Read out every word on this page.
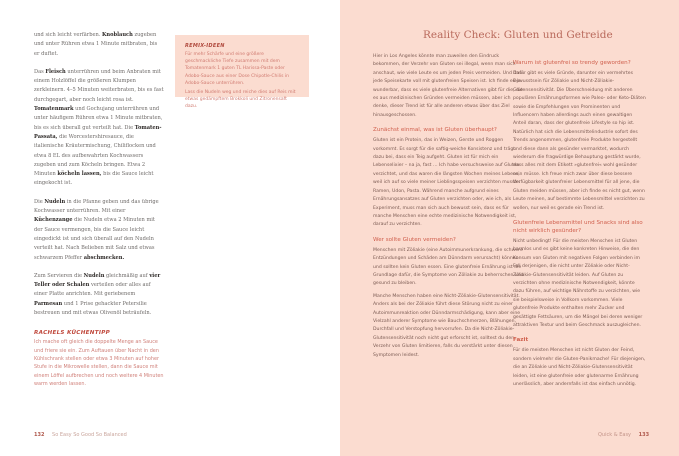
und sich leicht verfärben. Knoblauch zugeben und unter Rühren etwa 1 Minute mitbraten, bis er duftet.

Das Fleisch unterrühren und beim Anbraten mit einem Holzlöffel die größeren Klumpen zerkleinern. 4–5 Minuten weiterbraten, bis es fast durchgegart, aber noch leicht rosa ist. Tomatenmark und Gochujang unterrühren und unter häufigem Rühren etwa 1 Minute mitbraten, bis es sich überall gut verteilt hat. Die Tomaten-Passata, die Worcestershiresauce, die italienische Kräutermischung, Chiliflocken und etwa 8 EL des aufbewahrten Kochwassers zugeben und zum Köcheln bringen. Etwa 2 Minuten köcheln lassen, bis die Sauce leicht eingekocht ist.

Die Nudeln in die Pfanne geben und das übrige Kochwasser unterrühren. Mit einer Küchenzange die Nudeln etwa 2 Minuten mit der Sauce vermengen, bis die Sauce leicht eingedickt ist und sich überall auf den Nudeln verteilt hat. Nach Belieben mit Salz und etwas schwarzem Pfeffer abschmecken.

Zum Servieren die Nudeln gleichmäßig auf vier Teller oder Schalen verteilen oder alles auf einer Platte anrichten. Mit geriebenem Parmesan und 1 Prise gehackter Petersilie bestreuen und mit etwas Olivenöl beträufeln.

RACHELS KÜCHENTIPP

Ich mache oft gleich die doppelte Menge an Sauce und friere sie ein. Zum Auftauen über Nacht in den Kühlschrank stellen oder etwa 3 Minuten auf hoher Stufe in die Mikrowelle stellen, dann die Sauce mit einem Löffel aufbrechen und noch weitere 4 Minuten warm werden lassen.

REMIX-IDEEN

Für mehr Schärfe und eine größere geschmackliche Tiefe zusammen mit dem Tomatenmark 1 guten TL Harissa-Paste oder Adobo-Sauce aus einer Dose Chipotle-Chilis in Adobo-Sauce unterrühren.

Lass die Nudeln weg und reiche dies auf Reis mit etwas gedämpftem Brokkoli und Zitronensaft dazu.

132 So Easy So Good So Balanced
Reality Check: Gluten und Getreide

Hier in Los Angeles könnte man zuweilen den Eindruck bekommen, der Verzehr von Gluten sei illegal, wenn man sich anschaut, wie viele Leute es um jeden Preis vermeiden. Und dass jede Speisekarte voll mit glutenfreien Speisen ist. Ich finde es ja wunderbar, dass es viele glutenfreie Alternativen gibt für die, die es aus medizinischen Gründen vermeiden müssen, aber ich denke, dieser Trend ist für alle anderen etwas über das Ziel hinausgeschossen.

Zunächst einmal, was ist Gluten überhaupt?

Gluten ist ein Protein, das in Weizen, Gerste und Roggen vorkommt. Es sorgt für die saftig-weiche Konsistenz und trägt dazu bei, dass ein Teig aufgeht. Gluten ist für mich ein Lebenselixier – na ja, fast … Ich habe versuchsweise auf Gluten verzichtet, und das waren die längsten Wochen meines Lebens, weil ich auf so viele meiner Lieblingsspeisen verzichten musste: Ramen, Udon, Pasta. Während manche aufgrund eines Ernährungsansatzes auf Gluten verzichten oder, wie ich, als Experiment, muss man sich auch bewusst sein, dass es für manche Menschen eine echte medizinische Notwendigkeit ist, darauf zu verzichten.

Wer sollte Gluten vermeiden?

Menschen mit Zöliakie (eine Autoimmunerkrankung, die schwere Entzündungen und Schäden am Dünndarm verursacht) können und sollten kein Gluten essen. Eine glutenfreie Ernährung ist die Grundlage dafür, die Symptome von Zöliakie zu beherrschen und gesund zu bleiben.

Manche Menschen haben eine Nicht-Zöliakie-Glutensensitivität. Anders als bei der Zöliakie führt diese Störung nicht zu einer Autoimmunreaktion oder Dünndarmschädigung, kann aber eine Vielzahl anderer Symptome wie Bauchschmerzen, Blähungen, Durchfall und Verstopfung hervorrufen. Da die Nicht-Zöliakie-Glutensensitivität noch nicht gut erforscht ist, solltest du den Verzehr von Gluten limitieren, falls du verstärkt unter diesen Symptomen leidest.

Warum ist glutenfrei so trendy geworden?

Dafür gibt es viele Gründe, darunter ein vermehrtes Bewusstsein für Zöliakie und Nicht-Zöliakie-Glutensensitivität. Die Überschneidung mit anderen populären Ernährungsformen wie Paleo- oder Keto-Diäten sowie die Empfehlungen von Prominenten und Influencern haben allerdings auch einen gewaltigen Anteil daran, dass der glutenfreie Lifestyle so hip ist. Natürlich hat sich die Lebensmittelindustrie sofort des Trends angenommen, glutenfreie Produkte hergestellt und diese dann als gesünder vermarktet, wodurch wiederum die fragwürdige Behauptung gestärkt wurde, dass alles mit dem Etikett »glutenfrei« wohl gesünder sein müsse. Ich freue mich zwar über diese bessere Verfügbarkeit glutenfreier Lebensmittel für all jene, die Gluten meiden müssen, aber ich finde es nicht gut, wenn Leute meinen, auf bestimmte Lebensmittel verzichten zu wollen, nur weil es gerade ein Trend ist.

Glutenfreie Lebensmittel und Snacks sind also nicht wirklich gesünder?

Nicht unbedingt! Für die meisten Menschen ist Gluten harmlos und es gibt keine konkreten Hinweise, die den Konsum von Gluten mit negativen Folgen verbinden im Fall derjenigen, die nicht unter Zöliakie oder Nicht-Zöliakie-Glutensensitivität leiden. Auf Gluten zu verzichten ohne medizinische Notwendigkeit, könnte dazu führen, auf wichtige Nährstoffe zu verzichten, wie sie beispielsweise in Vollkorn vorkommen. Viele glutenfreie Produkte enthalten mehr Zucker und gesättigte Fettsäuren, um die Mängel bei deren weniger attraktiven Textur und beim Geschmack auszugleichen.

Fazit

Für die meisten Menschen ist nicht Gluten der Feind, sondern vielmehr die Gluten-Panikmache! Für diejenigen, die an Zöliakie und Nicht-Zöliakie-Glutensensitivität leiden, ist eine glutenfreie oder glutenarme Ernährung unerlässlich, aber andernfalls ist das einfach unnötig.

Quick & Easy 133
